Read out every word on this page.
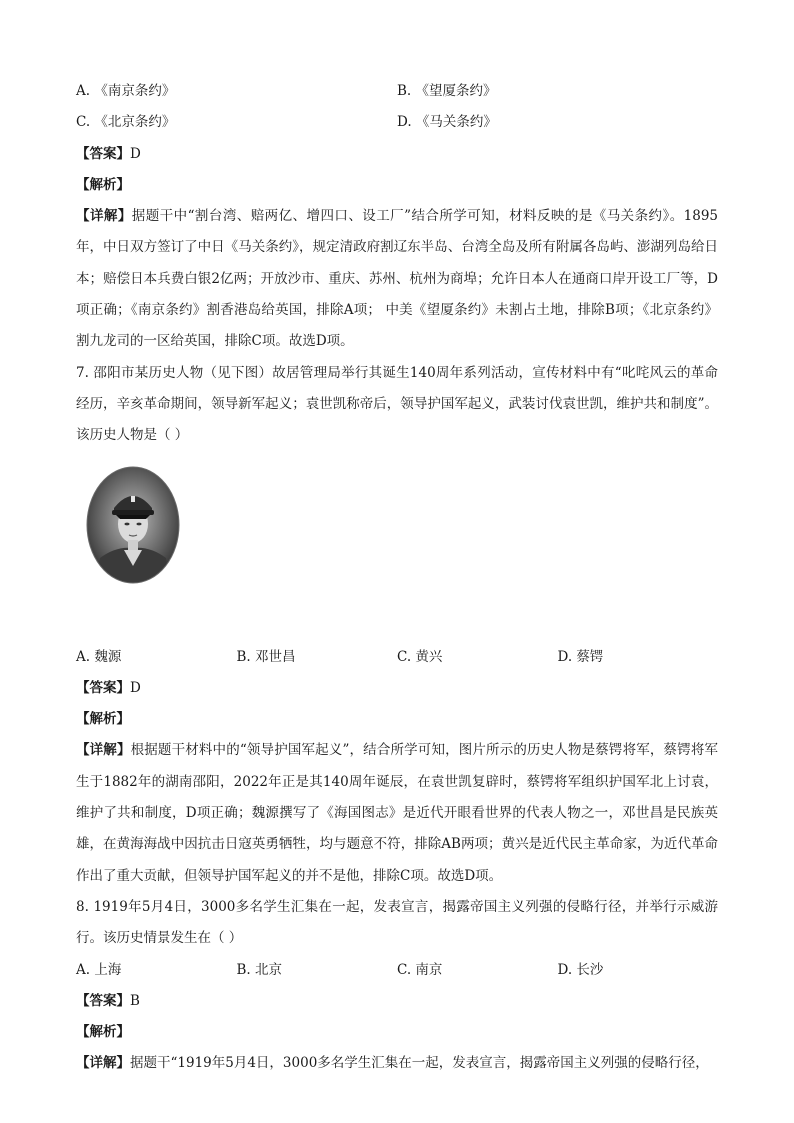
A. 《南京条约》	B. 《望厦条约》
C. 《北京条约》	D. 《马关条约》
【答案】D
【解析】
【详解】据题干中“割台湾、赔两亿、增四口、设工厂”结合所学可知，材料反映的是《马关条约》。1895年，中日双方签订了中日《马关条约》，规定清政府割辽东半岛、台湾全岛及所有附属各岛屿、澎湖列岛给日本；赔偿日本兵费白银2亿两；开放沙市、重庆、苏州、杭州为商埠；允许日本人在通商口岸开设工厂等，D项正确；《南京条约》割香港岛给英国，排除A项； 中美《望厦条约》未割占土地，排除B项；《北京条约》割九龙司的一区给英国，排除C项。故选D项。
7. 邵阳市某历史人物（见下图）故居管理局举行其诞生140周年系列活动，宣传材料中有“叱咤风云的革命经历，辛亥革命期间，领导新军起义；袁世凯称帝后，领导护国军起义，武装讨伐袁世凯，维护共和制度”。该历史人物是（ ）
A. 魏源	B. 邓世昌	C. 黄兴	D. 蔡锷
【答案】D
【解析】
【详解】根据题干材料中的“领导护国军起义”，结合所学可知，图片所示的历史人物是蔡锷将军，蔡锷将军生于1882年的湖南邵阳，2022年正是其140周年诞辰，在袁世凯复辟时，蔡锷将军组织护国军北上讨袁，维护了共和制度，D项正确；魏源撰写了《海国图志》是近代开眼看世界的代表人物之一，邓世昌是民族英雄，在黄海海战中因抗击日寇英勇牺牲，均与题意不符，排除AB两项；黄兴是近代民主革命家，为近代革命作出了重大贡献，但领导护国军起义的并不是他，排除C项。故选D项。
8. 1919年5月4日，3000多名学生汇集在一起，发表宣言，揭露帝国主义列强的侵略行径，并举行示威游行。该历史情景发生在（ ）
A. 上海	B. 北京	C. 南京	D. 长沙
【答案】B
【解析】
【详解】据题干“1919年5月4日，3000多名学生汇集在一起，发表宣言，揭露帝国主义列强的侵略行径，
